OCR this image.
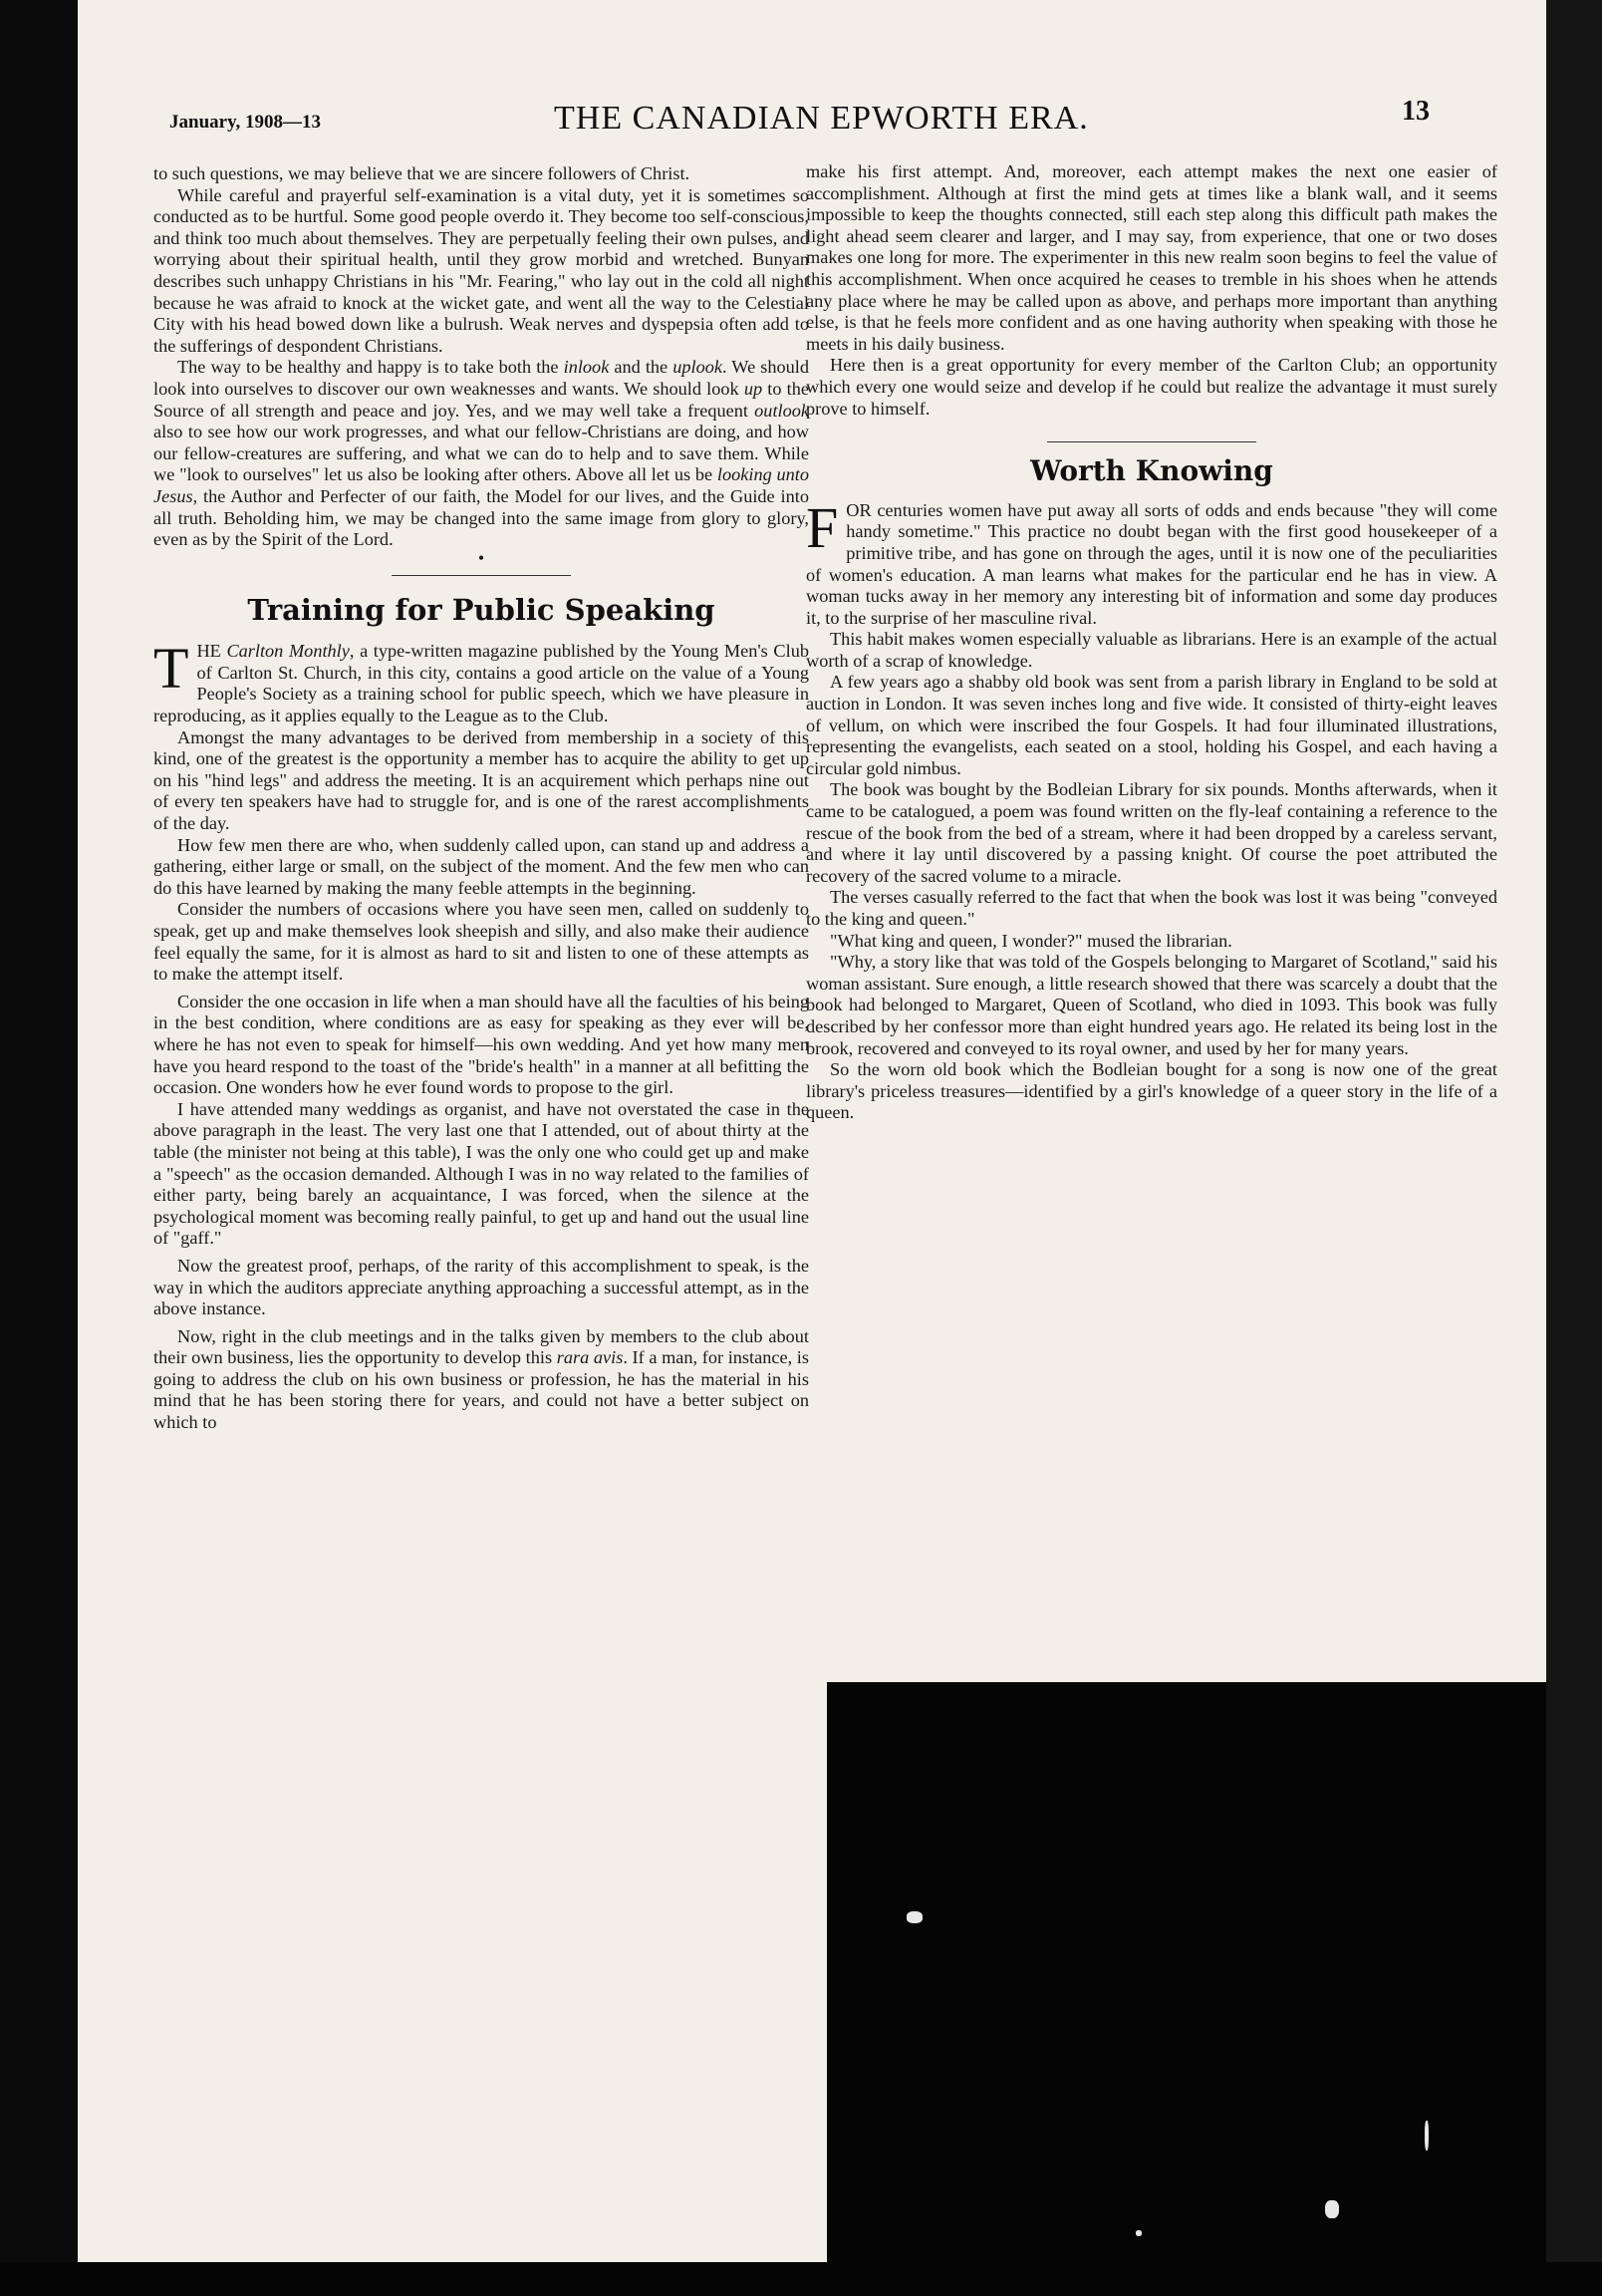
January, 1908—13	THE CANADIAN EPWORTH ERA.	13

to such questions, we may believe that we are sincere followers of Christ.

While careful and prayerful self-examination is a vital duty, yet it is sometimes so conducted as to be hurtful. Some good people overdo it. They become too self-conscious, and think too much about themselves. They are perpetually feeling their own pulses, and worrying about their spiritual health, until they grow morbid and wretched. Bunyan describes such unhappy Christians in his "Mr. Fearing," who lay out in the cold all night because he was afraid to knock at the wicket gate, and went all the way to the Celestial City with his head bowed down like a bulrush. Weak nerves and dyspepsia often add to the sufferings of despondent Christians.

The way to be healthy and happy is to take both the inlook and the uplook. We should look into ourselves to discover our own weaknesses and wants. We should look up to the Source of all strength and peace and joy. Yes, and we may well take a frequent outlook also to see how our work progresses, and what our fellow-Christians are doing, and how our fellow-creatures are suffering, and what we can do to help and to save them. While we "look to ourselves" let us also be looking after others. Above all let us be looking unto Jesus, the Author and Perfecter of our faith, the Model for our lives, and the Guide into all truth. Beholding him, we may be changed into the same image from glory to glory, even as by the Spirit of the Lord.

•
Training for Public Speaking

THE Carlton Monthly, a type-written magazine published by the Young Men's Club of Carlton St. Church, in this city, contains a good article on the value of a Young People's Society as a training school for public speech, which we have pleasure in reproducing, as it applies equally to the League as to the Club.

Amongst the many advantages to be derived from membership in a society of this kind, one of the greatest is the opportunity a member has to acquire the ability to get up on his "hind legs" and address the meeting. It is an acquirement which perhaps nine out of every ten speakers have had to struggle for, and is one of the rarest accomplishments of the day.

How few men there are who, when suddenly called upon, can stand up and address a gathering, either large or small, on the subject of the moment. And the few men who can do this have learned by making the many feeble attempts in the beginning.

Consider the numbers of occasions where you have seen men, called on suddenly to speak, get up and make themselves look sheepish and silly, and also make their audience feel equally the same, for it is almost as hard to sit and listen to one of these attempts as to make the attempt itself.

Consider the one occasion in life when a man should have all the faculties of his being in the best condition, where conditions are as easy for speaking as they ever will be, where he has not even to speak for himself—his own wedding. And yet how many men have you heard respond to the toast of the "bride's health" in a manner at all befitting the occasion. One wonders how he ever found words to propose to the girl.

I have attended many weddings as organist, and have not overstated the case in the above paragraph in the least. The very last one that I attended, out of about thirty at the table (the minister not being at this table), I was the only one who could get up and make a "speech" as the occasion demanded. Although I was in no way related to the families of either party, being barely an acquaintance, I was forced, when the silence at the psychological moment was becoming really painful, to get up and hand out the usual line of "gaff."

Now the greatest proof, perhaps, of the rarity of this accomplishment to speak, is the way in which the auditors appreciate anything approaching a successful attempt, as in the above instance.

Now, right in the club meetings and in the talks given by members to the club about their own business, lies the opportunity to develop this rara avis. If a man, for instance, is going to address the club on his own business or profession, he has the material in his mind that he has been storing there for years, and could not have a better subject on which to

make his first attempt. And, moreover, each attempt makes the next one easier of accomplishment. Although at first the mind gets at times like a blank wall, and it seems impossible to keep the thoughts connected, still each step along this difficult path makes the light ahead seem clearer and larger, and I may say, from experience, that one or two doses makes one long for more. The experimenter in this new realm soon begins to feel the value of this accomplishment. When once acquired he ceases to tremble in his shoes when he attends any place where he may be called upon as above, and perhaps more important than anything else, is that he feels more confident and as one having authority when speaking with those he meets in his daily business.

Here then is a great opportunity for every member of the Carlton Club; an opportunity which every one would seize and develop if he could but realize the advantage it must surely prove to himself.

Worth Knowing

FOR centuries women have put away all sorts of odds and ends because "they will come handy sometime." This practice no doubt began with the first good housekeeper of a primitive tribe, and has gone on through the ages, until it is now one of the peculiarities of women's education. A man learns what makes for the particular end he has in view. A woman tucks away in her memory any interesting bit of information and some day produces it, to the surprise of her masculine rival.

This habit makes women especially valuable as librarians. Here is an example of the actual worth of a scrap of knowledge.

A few years ago a shabby old book was sent from a parish library in England to be sold at auction in London. It was seven inches long and five wide. It consisted of thirty-eight leaves of vellum, on which were inscribed the four Gospels. It had four illuminated illustrations, representing the evangelists, each seated on a stool, holding his Gospel, and each having a circular gold nimbus.

The book was bought by the Bodleian Library for six pounds. Months afterwards, when it came to be catalogued, a poem was found written on the fly-leaf containing a reference to the rescue of the book from the bed of a stream, where it had been dropped by a careless servant, and where it lay until discovered by a passing knight. Of course the poet attributed the recovery of the sacred volume to a miracle.

The verses casually referred to the fact that when the book was lost it was being "conveyed to the king and queen."

"What king and queen, I wonder?" mused the librarian.

"Why, a story like that was told of the Gospels belonging to Margaret of Scotland," said his woman assistant. Sure enough, a little research showed that there was scarcely a doubt that the book had belonged to Margaret, Queen of Scotland, who died in 1093. This book was fully described by her confessor more than eight hundred years ago. He related its being lost in the brook, recovered and conveyed to its royal owner, and used by her for many years.

So the worn old book which the Bodleian bought for a song is now one of the great library's priceless treasures—identified by a girl's knowledge of a queer story in the life of a queen.
